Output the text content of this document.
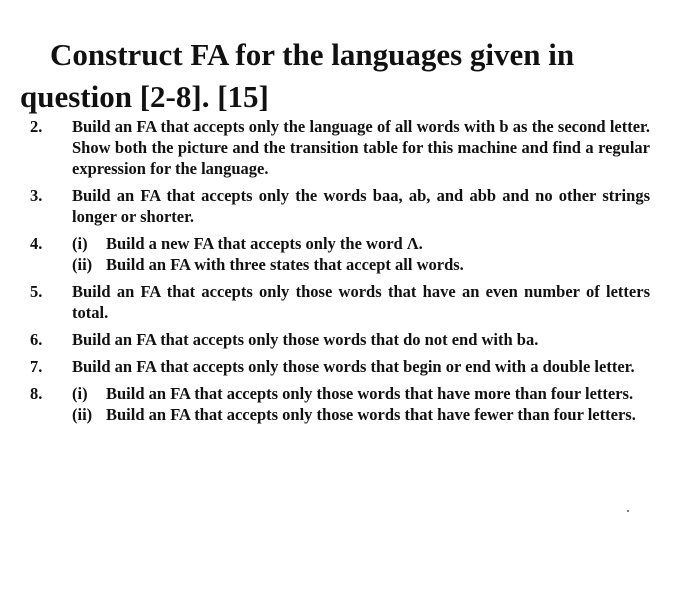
Construct FA for the languages given in
question [2-8]. [15]
2.	Build an FA that accepts only the language of all words with b as the second letter. Show both the picture and the transition table for this machine and find a regular expression for the language.
3.	Build an FA that accepts only the words baa, ab, and abb and no other strings longer or shorter.
4.	(i)	Build a new FA that accepts only the word Λ.
(ii) Build an FA with three states that accept all words.
5.	Build an FA that accepts only those words that have an even number of letters total.
6.	Build an FA that accepts only those words that do not end with ba.
7.	Build an FA that accepts only those words that begin or end with a double letter.
8.	(i)	Build an FA that accepts only those words that have more than four letters.
(ii) Build an FA that accepts only those words that have fewer than four letters.
